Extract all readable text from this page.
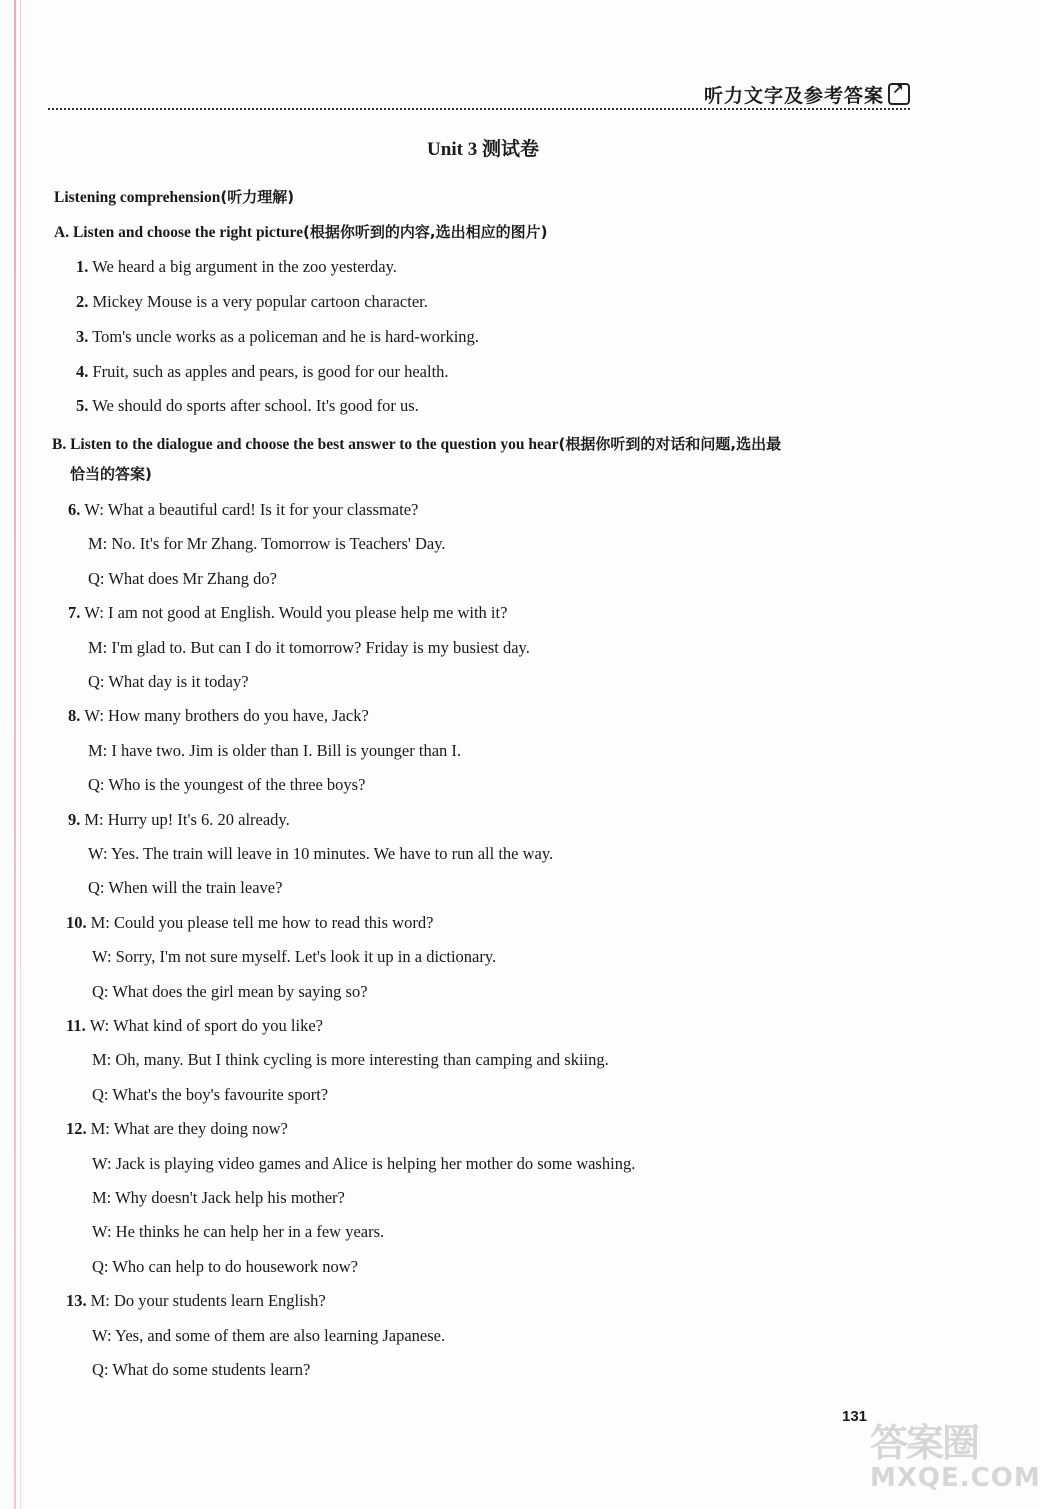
听力文字及参考答案↗
Unit 3 测试卷
Listening comprehension(听力理解)
A. Listen and choose the right picture(根据你听到的内容,选出相应的图片)
1. We heard a big argument in the zoo yesterday.
2. Mickey Mouse is a very popular cartoon character.
3. Tom's uncle works as a policeman and he is hard-working.
4. Fruit, such as apples and pears, is good for our health.
5. We should do sports after school. It's good for us.
B. Listen to the dialogue and choose the best answer to the question you hear(根据你听到的对话和问题,选出最
恰当的答案)
6. W: What a beautiful card! Is it for your classmate?
M: No. It's for Mr Zhang. Tomorrow is Teachers' Day.
Q: What does Mr Zhang do?
7. W: I am not good at English. Would you please help me with it?
M: I'm glad to. But can I do it tomorrow? Friday is my busiest day.
Q: What day is it today?
8. W: How many brothers do you have, Jack?
M: I have two. Jim is older than I. Bill is younger than I.
Q: Who is the youngest of the three boys?
9. M: Hurry up! It's 6. 20 already.
W: Yes. The train will leave in 10 minutes. We have to run all the way.
Q: When will the train leave?
10. M: Could you please tell me how to read this word?
W: Sorry, I'm not sure myself. Let's look it up in a dictionary.
Q: What does the girl mean by saying so?
11. W: What kind of sport do you like?
M: Oh, many. But I think cycling is more interesting than camping and skiing.
Q: What's the boy's favourite sport?
12. M: What are they doing now?
W: Jack is playing video games and Alice is helping her mother do some washing.
M: Why doesn't Jack help his mother?
W: He thinks he can help her in a few years.
Q: Who can help to do housework now?
13. M: Do your students learn English?
W: Yes, and some of them are also learning Japanese.
Q: What do some students learn?
131
答案圈
MXQE.COM
